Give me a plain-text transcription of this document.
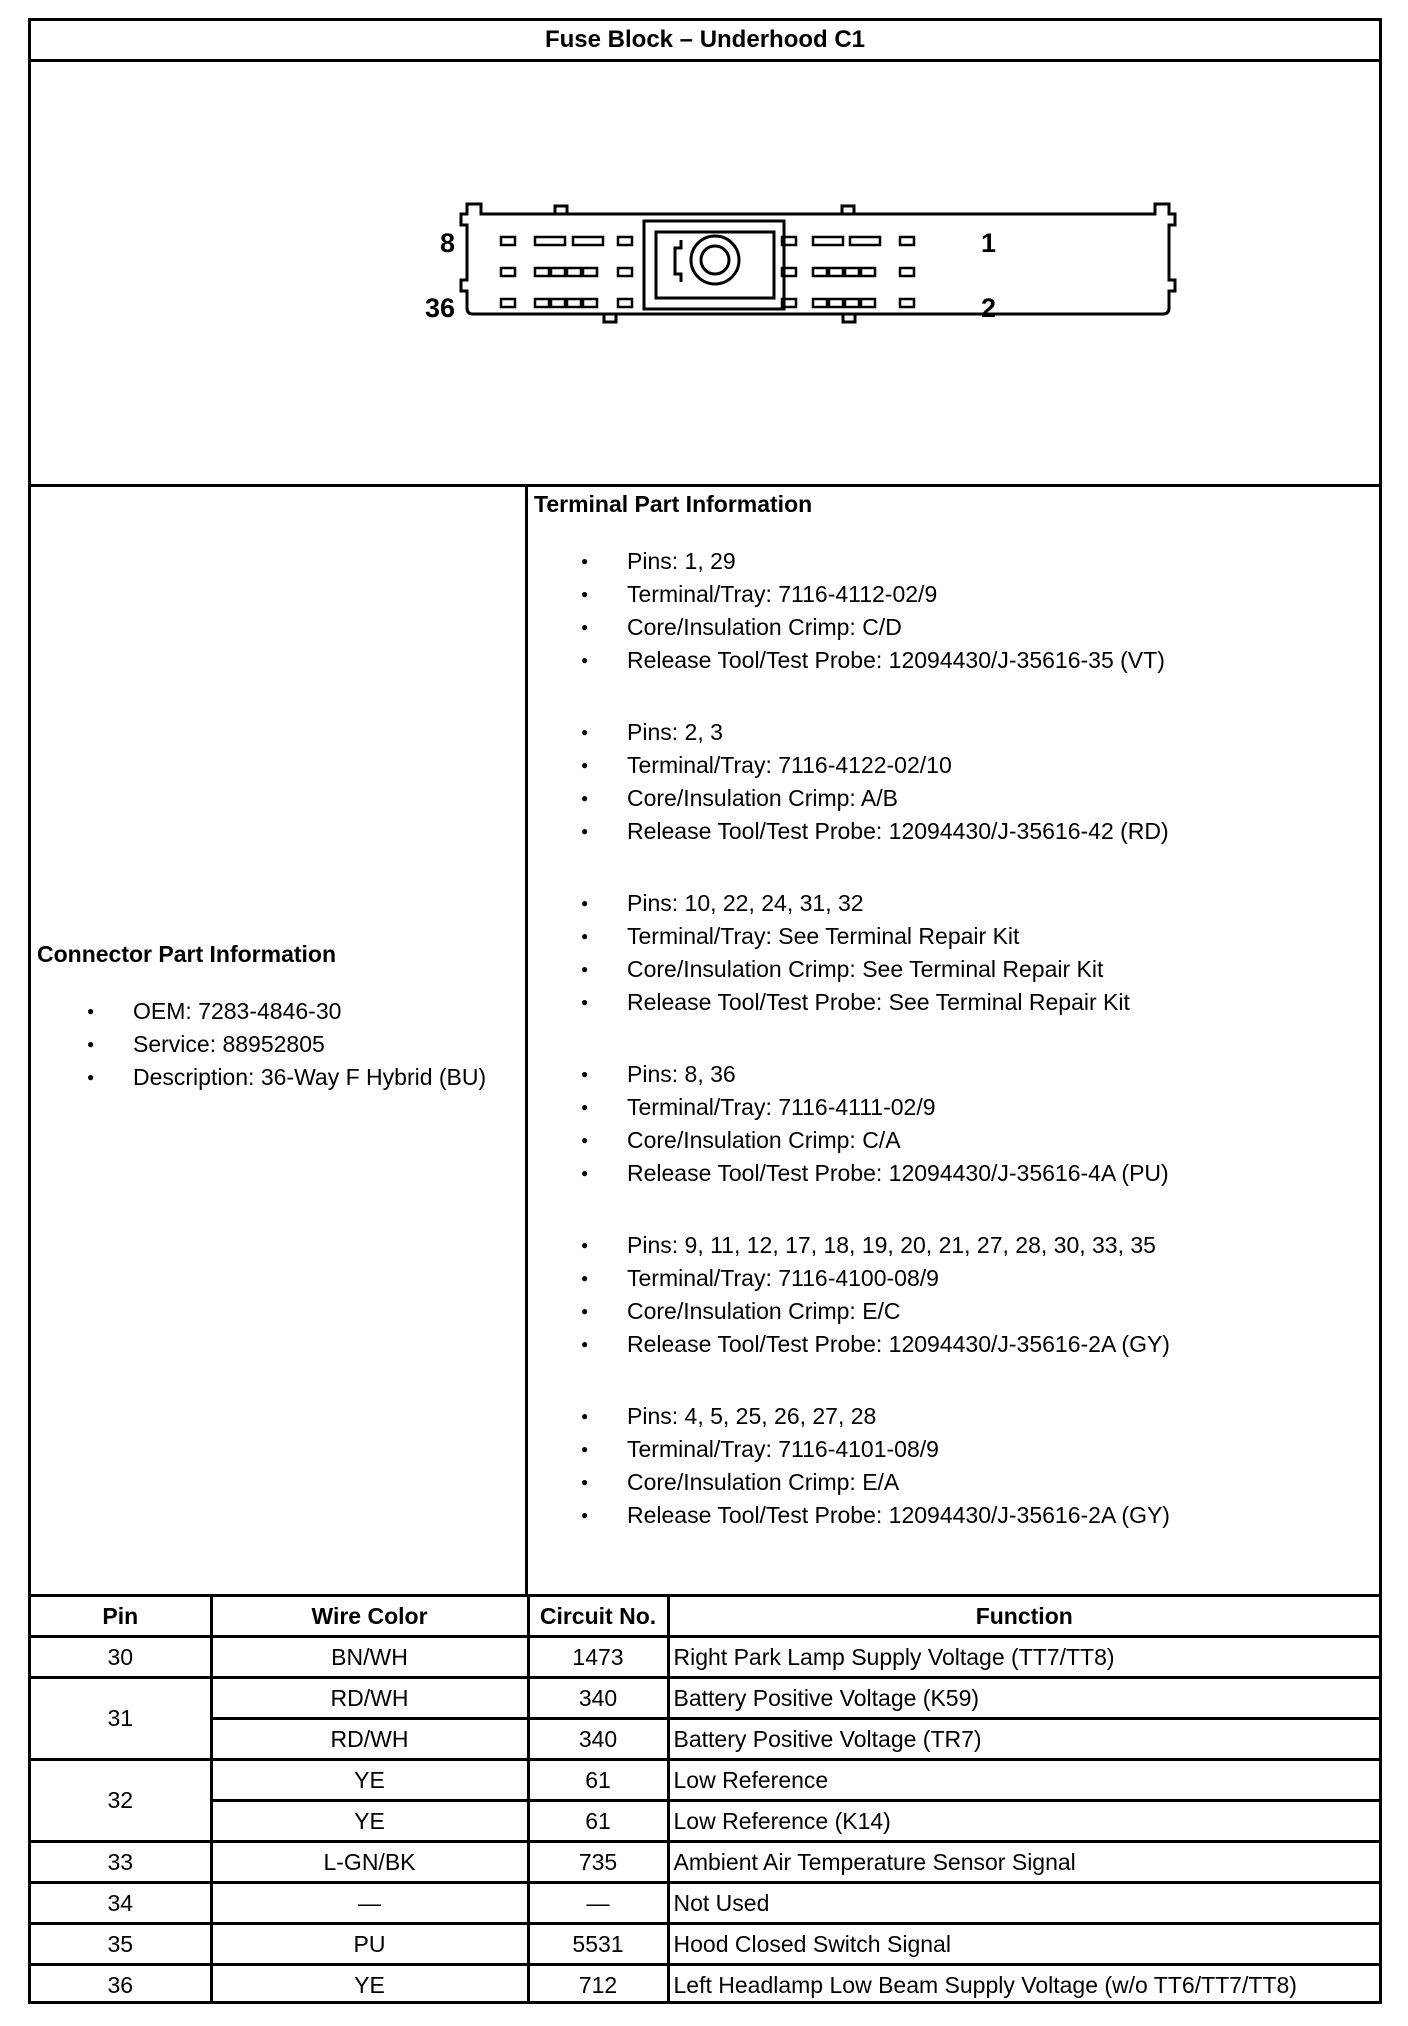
Fuse Block – Underhood C1
8
36
1
2
Connector Part Information
● OEM: 7283-4846-30
● Service: 88952805
● Description: 36-Way F Hybrid (BU)
Terminal Part Information
● Pins: 1, 29
● Terminal/Tray: 7116-4112-02/9
● Core/Insulation Crimp: C/D
● Release Tool/Test Probe: 12094430/J-35616-35 (VT)
● Pins: 2, 3
● Terminal/Tray: 7116-4122-02/10
● Core/Insulation Crimp: A/B
● Release Tool/Test Probe: 12094430/J-35616-42 (RD)
● Pins: 10, 22, 24, 31, 32
● Terminal/Tray: See Terminal Repair Kit
● Core/Insulation Crimp: See Terminal Repair Kit
● Release Tool/Test Probe: See Terminal Repair Kit
● Pins: 8, 36
● Terminal/Tray: 7116-4111-02/9
● Core/Insulation Crimp: C/A
● Release Tool/Test Probe: 12094430/J-35616-4A (PU)
● Pins: 9, 11, 12, 17, 18, 19, 20, 21, 27, 28, 30, 33, 35
● Terminal/Tray: 7116-4100-08/9
● Core/Insulation Crimp: E/C
● Release Tool/Test Probe: 12094430/J-35616-2A (GY)
● Pins: 4, 5, 25, 26, 27, 28
● Terminal/Tray: 7116-4101-08/9
● Core/Insulation Crimp: E/A
● Release Tool/Test Probe: 12094430/J-35616-2A (GY)
Pin	Wire Color	Circuit No.	Function
30	BN/WH	1473	Right Park Lamp Supply Voltage (TT7/TT8)
31	RD/WH	340	Battery Positive Voltage (K59)
	RD/WH	340	Battery Positive Voltage (TR7)
32	YE	61	Low Reference
	YE	61	Low Reference (K14)
33	L-GN/BK	735	Ambient Air Temperature Sensor Signal
34	—	—	Not Used
35	PU	5531	Hood Closed Switch Signal
36	YE	712	Left Headlamp Low Beam Supply Voltage (w/o TT6/TT7/TT8)
